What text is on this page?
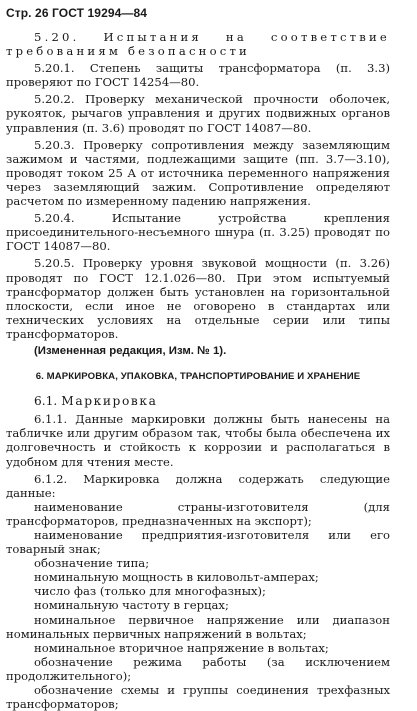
Стр. 26 ГОСТ 19294—84

5.20. Испытания на соответствие требованиям безопасности

5.20.1. Степень защиты трансформатора (п. 3.3) проверяют по ГОСТ 14254—80.

5.20.2. Проверку механической прочности оболочек, рукояток, рычагов управления и других подвижных органов управления (п. 3.6) проводят по ГОСТ 14087—80.

5.20.3. Проверку сопротивления между заземляющим зажимом и частями, подлежащими защите (пп. 3.7—3.10), проводят током 25 А от источника переменного напряжения через заземляющий зажим. Сопротивление определяют расчетом по измеренному падению напряжения.

5.20.4. Испытание устройства крепления присоединительного-несъемного шнура (п. 3.25) проводят по ГОСТ 14087—80.

5.20.5. Проверку уровня звуковой мощности (п. 3.26) проводят по ГОСТ 12.1.026—80. При этом испытуемый трансформатор должен быть установлен на горизонтальной плоскости, если иное не оговорено в стандартах или технических условиях на отдельные серии или типы трансформаторов.

(Измененная редакция, Изм. № 1).

6. МАРКИРОВКА, УПАКОВКА, ТРАНСПОРТИРОВАНИЕ И ХРАНЕНИЕ
6.1. Маркировка

6.1.1. Данные маркировки должны быть нанесены на табличке или другим образом так, чтобы была обеспечена их долговечность и стойкость к коррозии и располагаться в удобном для чтения месте.

6.1.2. Маркировка должна содержать следующие данные:

наименование страны-изготовителя (для трансформаторов, предназначенных на экспорт);

наименование предприятия-изготовителя или его товарный знак;

обозначение типа;

номинальную мощность в киловольт-амперах;

число фаз (только для многофазных);

номинальную частоту в герцах;

номинальное первичное напряжение или диапазон номинальных первичных напряжений в вольтах;

номинальное вторичное напряжение в вольтах;

обозначение режима работы (за исключением продолжительного);

обозначение схемы и группы соединения трехфазных трансформаторов;
